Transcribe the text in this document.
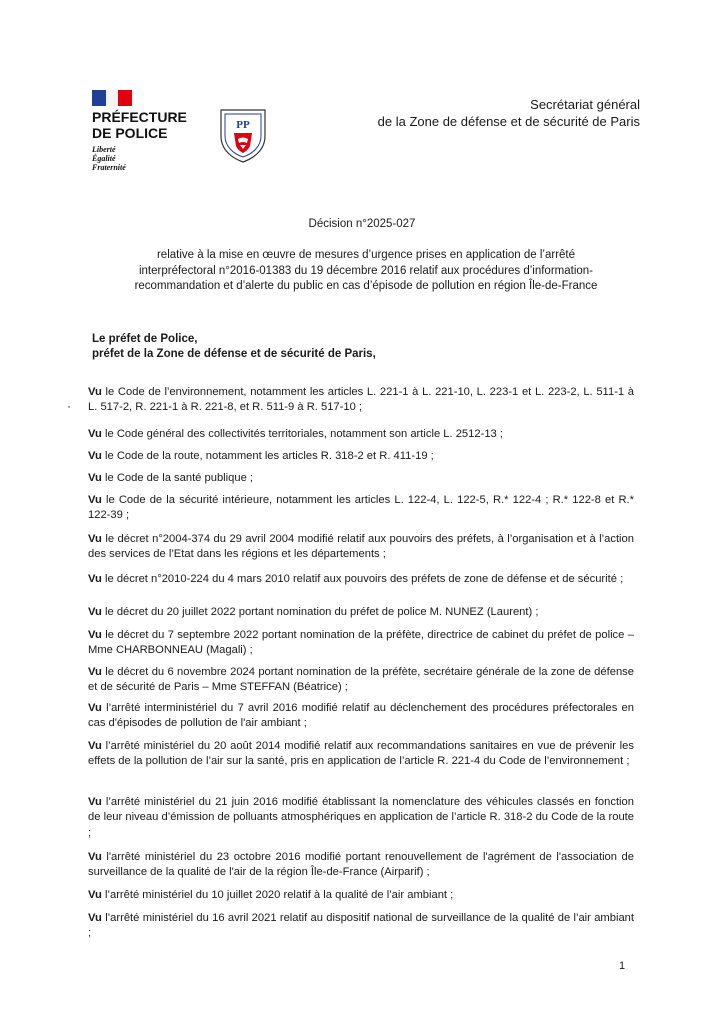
PRÉFECTURE
DE POLICE
Liberté
Égalité
Fraternité
PP
Secrétariat général
de la Zone de défense et de sécurité de Paris
Décision n°2025-027
relative à la mise en œuvre de mesures d’urgence prises en application de l’arrêté
interpréfectoral n°2016-01383 du 19 décembre 2016 relatif aux procédures d’information-
recommandation et d’alerte du public en cas d’épisode de pollution en région Île-de-France
Le préfet de Police,
préfet de la Zone de défense et de sécurité de Paris,

Vu le Code de l’environnement, notamment les articles L. 221-1 à L. 221-10, L. 223-1 et L. 223-2, L. 511-1 à L. 517-2, R. 221-1 à R. 221-8, et R. 511-9 à R. 517-10 ;

Vu le Code général des collectivités territoriales, notamment son article L. 2512-13 ;

Vu le Code de la route, notamment les articles R. 318-2 et R. 411-19 ;

Vu le Code de la santé publique ;

Vu le Code de la sécurité intérieure, notamment les articles L. 122-4, L. 122-5, R.* 122-4 ; R.* 122-8 et R.* 122-39 ;

Vu le décret n°2004-374 du 29 avril 2004 modifié relatif aux pouvoirs des préfets, à l’organisation et à l’action des services de l’Etat dans les régions et les départements ;

Vu le décret n°2010-224 du 4 mars 2010 relatif aux pouvoirs des préfets de zone de défense et de sécurité ;

Vu le décret du 20 juillet 2022 portant nomination du préfet de police M. NUNEZ (Laurent) ;

Vu le décret du 7 septembre 2022 portant nomination de la préfète, directrice de cabinet du préfet de police – Mme CHARBONNEAU (Magali) ;

Vu le décret du 6 novembre 2024 portant nomination de la préfète, secrétaire générale de la zone de défense et de sécurité de Paris – Mme STEFFAN (Béatrice) ;

Vu l’arrêté interministériel du 7 avril 2016 modifié relatif au déclenchement des procédures préfectorales en cas d'épisodes de pollution de l'air ambiant ;

Vu l’arrêté ministériel du 20 août 2014 modifié relatif aux recommandations sanitaires en vue de prévenir les effets de la pollution de l’air sur la santé, pris en application de l’article R. 221-4 du Code de l’environnement ;

Vu l’arrêté ministériel du 21 juin 2016 modifié établissant la nomenclature des véhicules classés en fonction de leur niveau d’émission de polluants atmosphériques en application de l’article R. 318-2 du Code de la route ;

Vu l'arrêté ministériel du 23 octobre 2016 modifié portant renouvellement de l'agrément de l'association de surveillance de la qualité de l'air de la région Île-de-France (Airparif) ;

Vu l’arrêté ministériel du 10 juillet 2020 relatif à la qualité de l’air ambiant ;

Vu l’arrêté ministériel du 16 avril 2021 relatif au dispositif national de surveillance de la qualité de l’air ambiant ;

1
